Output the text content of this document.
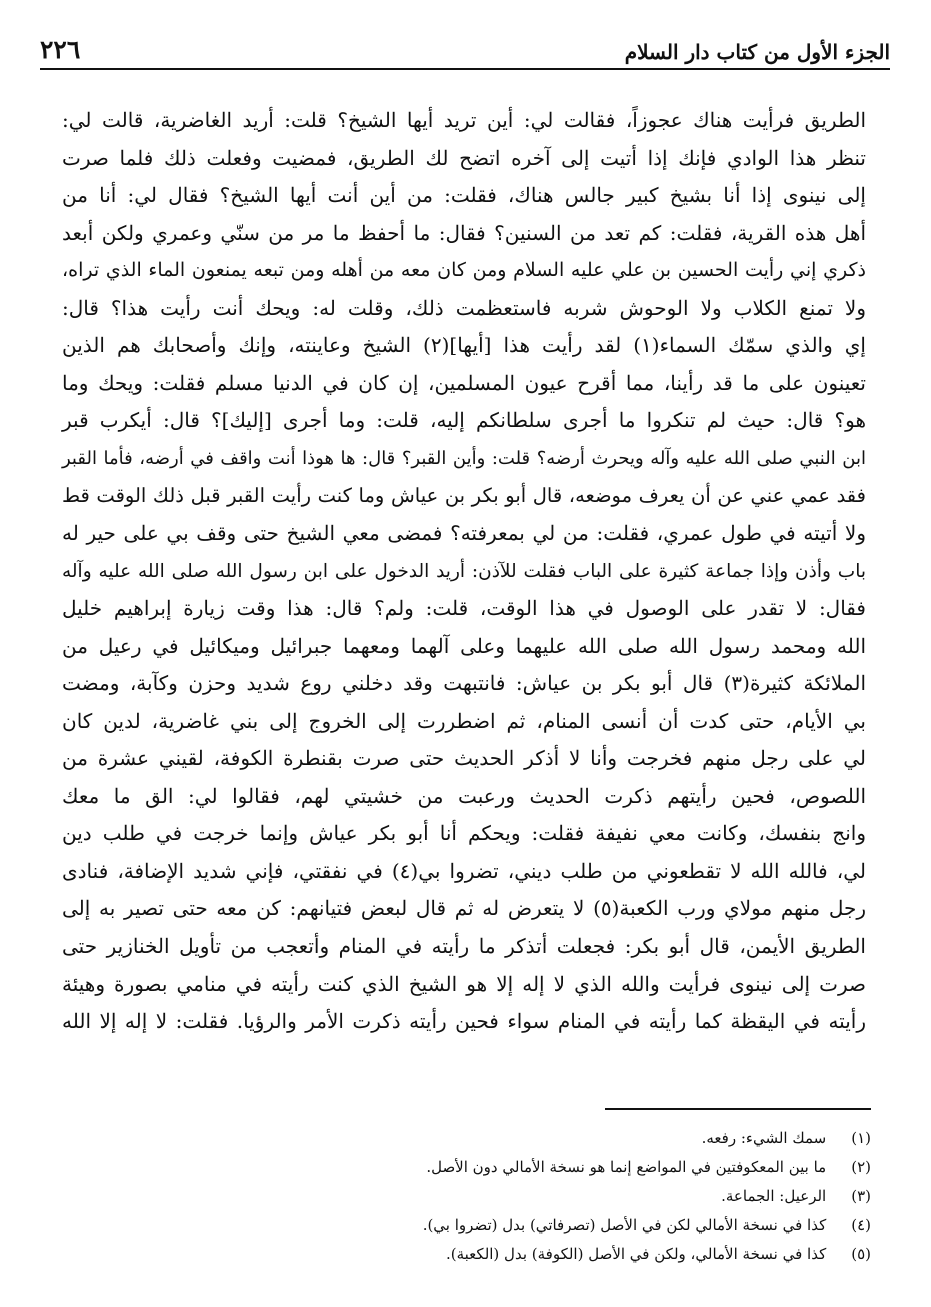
الجزء الأول من كتاب دار السلام
٢٢٦
الطريق فرأيت هناك عجوزاً، فقالت لي: أين تريد أيها الشيخ؟ قلت: أريد الغاضرية، قالت لي:
تنظر هذا الوادي فإنك إذا أتيت إلى آخره اتضح لك الطريق، فمضيت وفعلت ذلك فلما صرت
إلى نينوى إذا أنا بشيخ كبير جالس هناك، فقلت: من أين أنت أيها الشيخ؟ فقال لي: أنا من
أهل هذه القرية، فقلت: كم تعد من السنين؟ فقال: ما أحفظ ما مر من سنّي وعمري ولكن أبعد
ذكري إني رأيت الحسين بن علي عليه السلام ومن كان معه من أهله ومن تبعه يمنعون الماء الذي تراه،
ولا تمنع الكلاب ولا الوحوش شربه فاستعظمت ذلك، وقلت له: ويحك أنت رأيت هذا؟ قال:
إي والذي سمّك السماء(١) لقد رأيت هذا [أيها](٢) الشيخ وعاينته، وإنك وأصحابك هم الذين
تعينون على ما قد رأينا، مما أقرح عيون المسلمين، إن كان في الدنيا مسلم فقلت: ويحك وما
هو؟ قال: حيث لم تنكروا ما أجرى سلطانكم إليه، قلت: وما أجرى [إليك]؟ قال: أيكرب قبر
ابن النبي صلى الله عليه وآله ويحرث أرضه؟ قلت: وأين القبر؟ قال: ها هوذا أنت واقف في أرضه، فأما القبر
فقد عمي عني عن أن يعرف موضعه، قال أبو بكر بن عياش وما كنت رأيت القبر قبل ذلك الوقت قط
ولا أتيته في طول عمري، فقلت: من لي بمعرفته؟ فمضى معي الشيخ حتى وقف بي على حير له
باب وأذن وإذا جماعة كثيرة على الباب فقلت للآذن: أريد الدخول على ابن رسول الله صلى الله عليه وآله
فقال: لا تقدر على الوصول في هذا الوقت، قلت: ولم؟ قال: هذا وقت زيارة إبراهيم خليل
الله ومحمد رسول الله صلى الله عليهما وعلى آلهما ومعهما جبرائيل وميكائيل في رعيل من
الملائكة كثيرة(٣) قال أبو بكر بن عياش: فانتبهت وقد دخلني روع شديد وحزن وكآبة، ومضت
بي الأيام، حتى كدت أن أنسى المنام، ثم اضطررت إلى الخروج إلى بني غاضرية، لدين كان
لي على رجل منهم فخرجت وأنا لا أذكر الحديث حتى صرت بقنطرة الكوفة، لقيني عشرة من
اللصوص، فحين رأيتهم ذكرت الحديث ورعبت من خشيتي لهم، فقالوا لي: الق ما معك
وانج بنفسك، وكانت معي نفيفة فقلت: ويحكم أنا أبو بكر عياش وإنما خرجت في طلب دين
لي، فالله الله لا تقطعوني من طلب ديني، تضروا بي(٤) في نفقتي، فإني شديد الإضافة، فنادى
رجل منهم مولاي ورب الكعبة(٥) لا يتعرض له ثم قال لبعض فتيانهم: كن معه حتى تصير به إلى
الطريق الأيمن، قال أبو بكر: فجعلت أتذكر ما رأيته في المنام وأتعجب من تأويل الخنازير حتى
صرت إلى نينوى فرأيت والله الذي لا إله إلا هو الشيخ الذي كنت رأيته في منامي بصورة وهيئة
رأيته في اليقظة كما رأيته في المنام سواء فحين رأيته ذكرت الأمر والرؤيا. فقلت: لا إله إلا الله
(١) سمك الشيء: رفعه.
(٢) ما بين المعكوفتين في المواضع إنما هو نسخة الأمالي دون الأصل.
(٣) الرعيل: الجماعة.
(٤) كذا في نسخة الأمالي لكن في الأصل (تصرفاتي) بدل (تضروا بي).
(٥) كذا في نسخة الأمالي، ولكن في الأصل (الكوفة) بدل (الكعبة).
